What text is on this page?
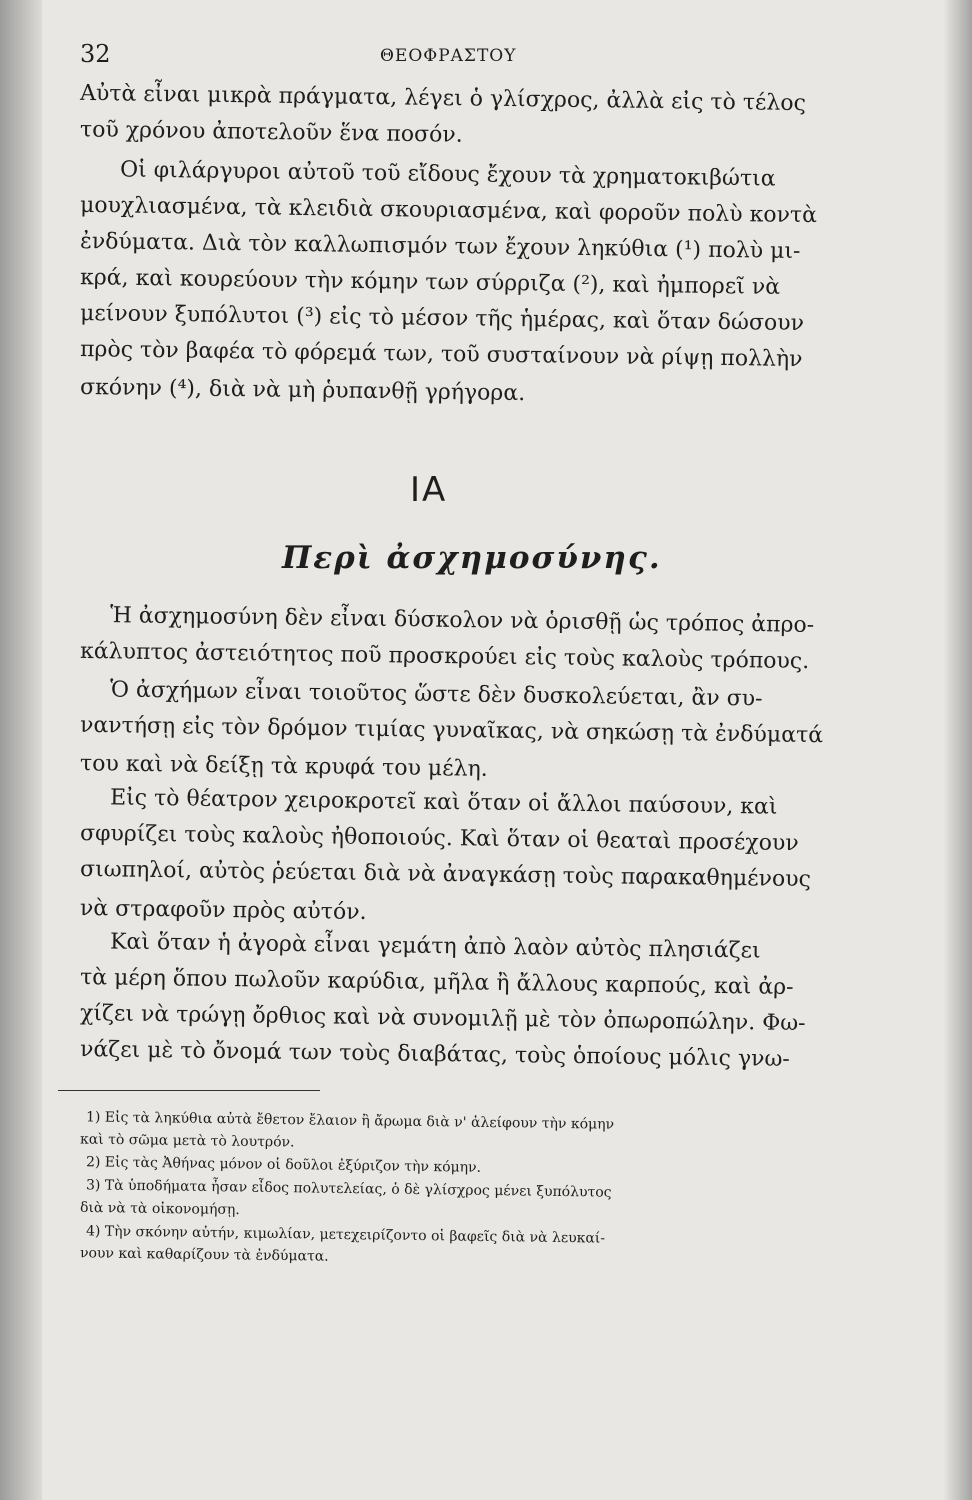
32	ΘΕΟΦΡΑΣΤΟΥ
Αὐτὰ εἶναι μικρὰ πράγματα, λέγει ὁ γλίσχρος, ἀλλὰ εἰς τὸ τέλος
τοῦ χρόνου ἀποτελοῦν ἕνα ποσόν.
Οἱ φιλάργυροι αὐτοῦ τοῦ εἴδους ἔχουν τὰ χρηματοκιβώτια
μουχλιασμένα, τὰ κλειδιὰ σκουριασμένα, καὶ φοροῦν πολὺ κοντὰ
ἐνδύματα. Διὰ τὸν καλλωπισμόν των ἔχουν ληκύθια (¹) πολὺ μι-
κρά, καὶ κουρεύουν τὴν κόμην των σύρριζα (²), καὶ ἠμπορεῖ νὰ
μείνουν ξυπόλυτοι (³) εἰς τὸ μέσον τῆς ἡμέρας, καὶ ὅταν δώσουν
πρὸς τὸν βαφέα τὸ φόρεμά των, τοῦ συσταίνουν νὰ ρίψῃ πολλὴν
σκόνην (⁴), διὰ νὰ μὴ ῥυπανθῇ γρήγορα.
ΙΑ
Περὶ ἀσχημοσύνης.
Ἡ ἀσχημοσύνη δὲν εἶναι δύσκολον νὰ ὁρισθῇ ὡς τρόπος ἀπρο-
κάλυπτος ἀστειότητος ποῦ προσκρούει εἰς τοὺς καλοὺς τρόπους.
Ὁ ἀσχήμων εἶναι τοιοῦτος ὥστε δὲν δυσκολεύεται, ἂν συ-
ναντήσῃ εἰς τὸν δρόμον τιμίας γυναῖκας, νὰ σηκώσῃ τὰ ἐνδύματά
του καὶ νὰ δείξῃ τὰ κρυφά του μέλη.
Εἰς τὸ θέατρον χειροκροτεῖ καὶ ὅταν οἱ ἄλλοι παύσουν, καὶ
σφυρίζει τοὺς καλοὺς ἠθοποιούς. Καὶ ὅταν οἱ θεαταὶ προσέχουν
σιωπηλοί, αὐτὸς ῥεύεται διὰ νὰ ἀναγκάσῃ τοὺς παρακαθημένους
νὰ στραφοῦν πρὸς αὐτόν.
Καὶ ὅταν ἡ ἀγορὰ εἶναι γεμάτη ἀπὸ λαὸν αὐτὸς πλησιάζει
τὰ μέρη ὅπου πωλοῦν καρύδια, μῆλα ἢ ἄλλους καρπούς, καὶ ἀρ-
χίζει νὰ τρώγῃ ὄρθιος καὶ νὰ συνομιλῇ μὲ τὸν ὀπωροπώλην. Φω-
νάζει μὲ τὸ ὄνομά των τοὺς διαβάτας, τοὺς ὁποίους μόλις γνω-
1) Εἰς τὰ ληκύθια αὐτὰ ἔθετον ἔλαιον ἢ ἄρωμα διὰ ν' ἀλείφουν τὴν κόμην
καὶ τὸ σῶμα μετὰ τὸ λουτρόν.
2) Εἰς τὰς Ἀθήνας μόνον οἱ δοῦλοι ἐξύριζον τὴν κόμην.
3) Τὰ ὑποδήματα ἦσαν εἶδος πολυτελείας, ὁ δὲ γλίσχρος μένει ξυπόλυτος
διὰ νὰ τὰ οἰκονομήσῃ.
4) Τὴν σκόνην αὐτήν, κιμωλίαν, μετεχειρίζοντο οἱ βαφεῖς διὰ νὰ λευκαί-
νουν καὶ καθαρίζουν τὰ ἐνδύματα.
